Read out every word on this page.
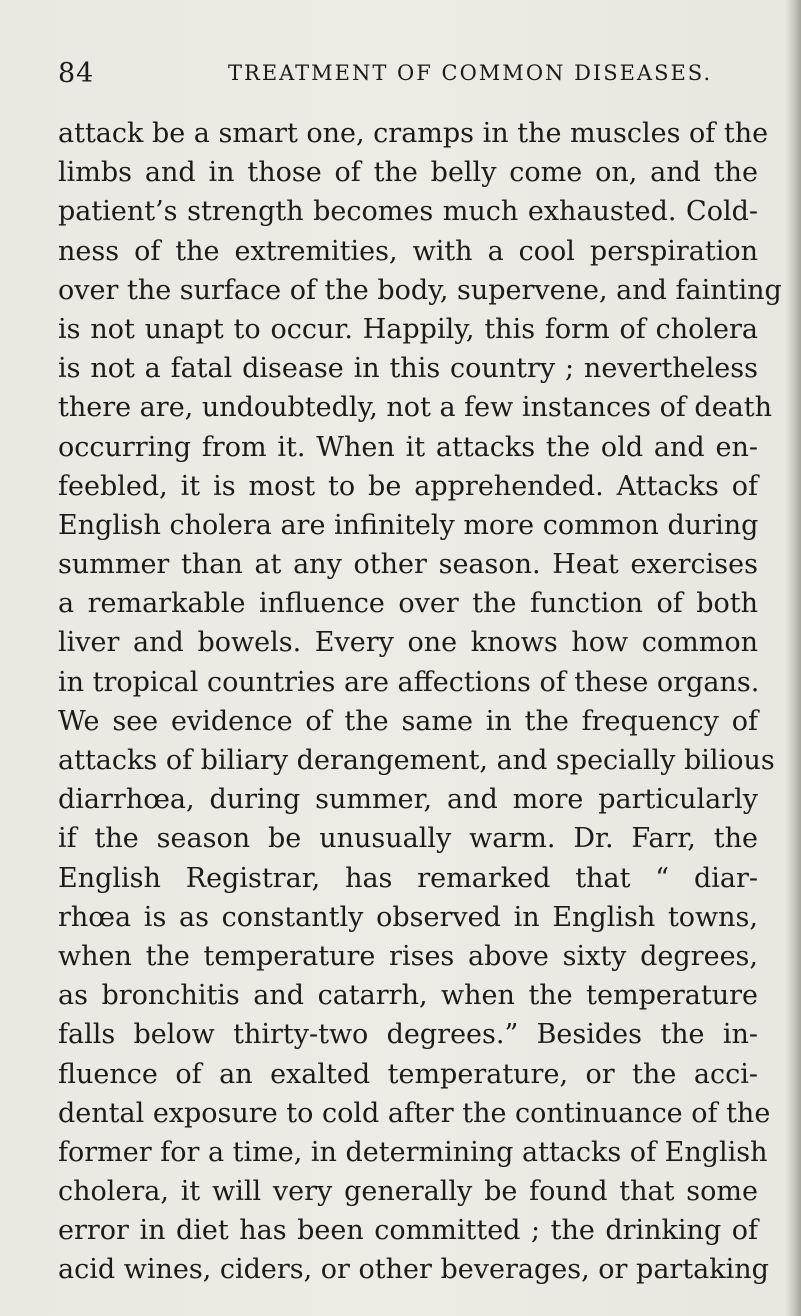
84	TREATMENT OF COMMON DISEASES.
attack be a smart one, cramps in the muscles of the
limbs and in those of the belly come on, and the
patient’s strength becomes much exhausted. Cold-
ness of the extremities, with a cool perspiration
over the surface of the body, supervene, and fainting
is not unapt to occur. Happily, this form of cholera
is not a fatal disease in this country ; nevertheless
there are, undoubtedly, not a few instances of death
occurring from it. When it attacks the old and en-
feebled, it is most to be apprehended. Attacks of
English cholera are infinitely more common during
summer than at any other season. Heat exercises
a remarkable influence over the function of both
liver and bowels. Every one knows how common
in tropical countries are affections of these organs.
We see evidence of the same in the frequency of
attacks of biliary derangement, and specially bilious
diarrhœa, during summer, and more particularly
if the season be unusually warm. Dr. Farr, the
English Registrar, has remarked that “ diar-
rhœa is as constantly observed in English towns,
when the temperature rises above sixty degrees,
as bronchitis and catarrh, when the temperature
falls below thirty-two degrees.” Besides the in-
fluence of an exalted temperature, or the acci-
dental exposure to cold after the continuance of the
former for a time, in determining attacks of English
cholera, it will very generally be found that some
error in diet has been committed ; the drinking of
acid wines, ciders, or other beverages, or partaking
